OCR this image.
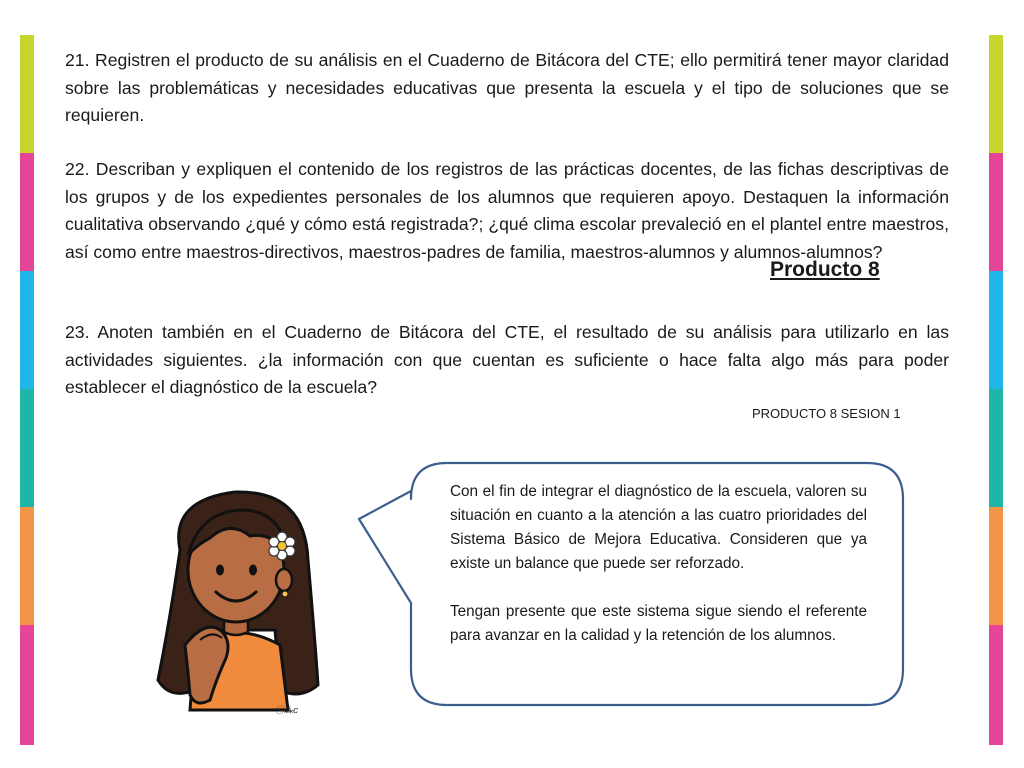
21. Registren el producto de su análisis en el Cuaderno de Bitácora del CTE; ello permitirá tener mayor claridad sobre las problemáticas y necesidades educativas que presenta la escuela y el tipo de soluciones que se requieren.

22. Describan y expliquen el contenido de los registros de las prácticas docentes, de las fichas descriptivas de los grupos y de los expedientes personales de los alumnos que requieren apoyo. Destaquen la información cualitativa observando ¿qué y cómo está registrada?; ¿qué clima escolar prevaleció en el plantel entre maestros, así como entre maestros-directivos, maestros-padres de familia, maestros-alumnos y alumnos-alumnos?

Producto 8

23. Anoten también en el Cuaderno de Bitácora del CTE, el resultado de su análisis para utilizarlo en las actividades siguientes. ¿la información con que cuentan es suficiente o hace falta algo más para poder establecer el diagnóstico de la escuela?

PRODUCTO 8 SESION 1

Con el fin de integrar el diagnóstico de la escuela, valoren su situación en cuanto a la atención a las cuatro prioridades del Sistema Básico de Mejora Educativa. Consideren que ya existe un balance que puede ser reforzado.

Tengan presente que este sistema sigue siendo el referente para avanzar en la calidad y la retención de los alumnos.

ⓦ⁂ᴄ
